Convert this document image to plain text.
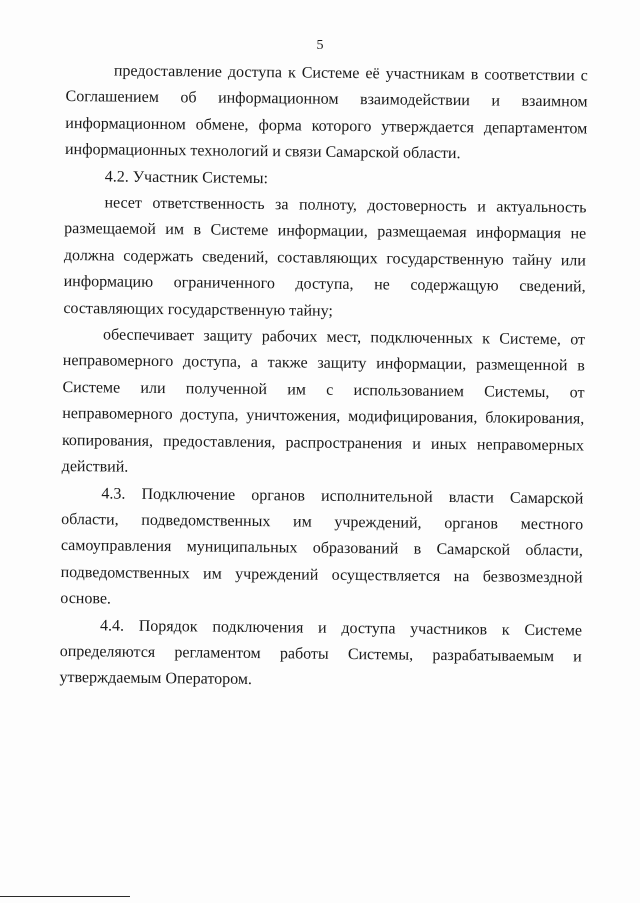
5

предоставление доступа к Системе её участникам в соответствии с Соглашением об информационном взаимодействии и взаимном информационном обмене, форма которого утверждается департаментом информационных технологий и связи Самарской области.

4.2. Участник Системы:

несет ответственность за полноту, достоверность и актуальность размещаемой им в Системе информации, размещаемая информация не должна содержать сведений, составляющих государственную тайну или информацию ограниченного доступа, не содержащую сведений, составляющих государственную тайну;

обеспечивает защиту рабочих мест, подключенных к Системе, от неправомерного доступа, а также защиту информации, размещенной в Системе или полученной им с использованием Системы, от неправомерного доступа, уничтожения, модифицирования, блокирования, копирования, предоставления, распространения и иных неправомерных действий.

4.3. Подключение органов исполнительной власти Самарской области, подведомственных им учреждений, органов местного самоуправления муниципальных образований в Самарской области, подведомственных им учреждений осуществляется на безвозмездной основе.

4.4. Порядок подключения и доступа участников к Системе определяются регламентом работы Системы, разрабатываемым и утверждаемым Оператором.
